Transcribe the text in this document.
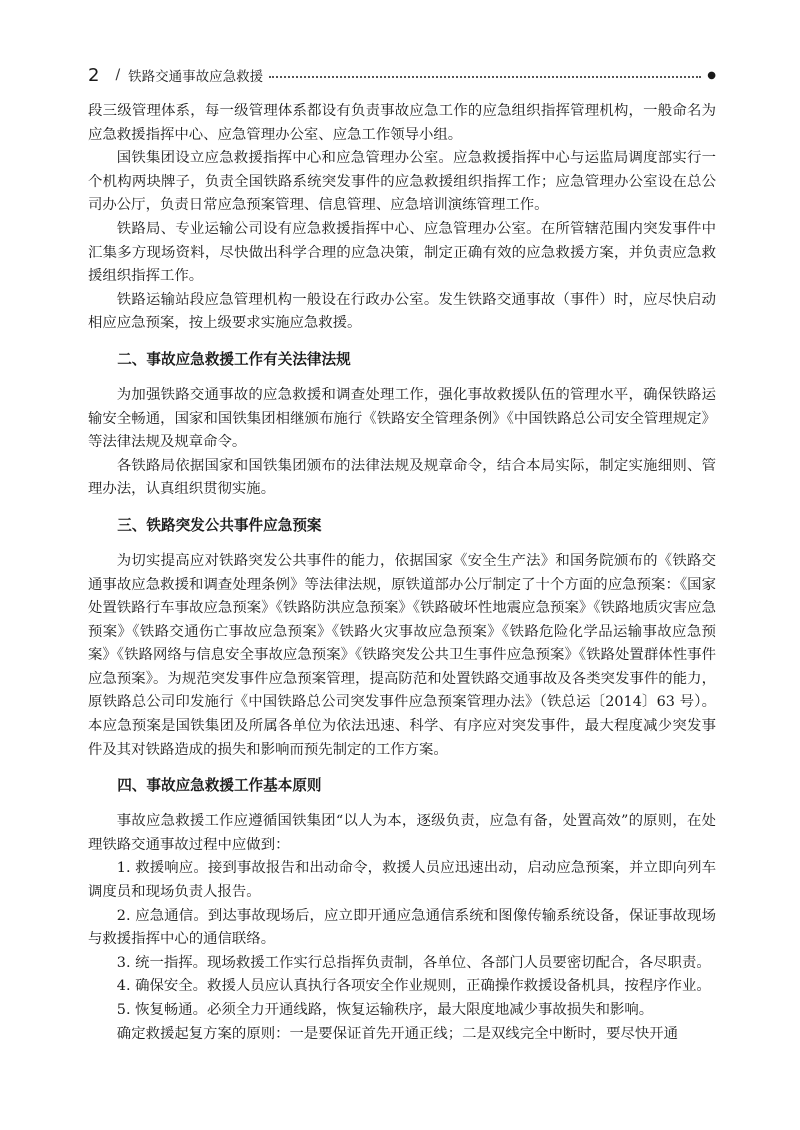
2 / 铁路交通事故应急救援	●

段三级管理体系，每一级管理体系都设有负责事故应急工作的应急组织指挥管理机构，一般命名为应急救援指挥中心、应急管理办公室、应急工作领导小组。

国铁集团设立应急救援指挥中心和应急管理办公室。应急救援指挥中心与运监局调度部实行一个机构两块牌子，负责全国铁路系统突发事件的应急救援组织指挥工作；应急管理办公室设在总公司办公厅，负责日常应急预案管理、信息管理、应急培训演练管理工作。

铁路局、专业运输公司设有应急救援指挥中心、应急管理办公室。在所管辖范围内突发事件中汇集多方现场资料，尽快做出科学合理的应急决策，制定正确有效的应急救援方案，并负责应急救援组织指挥工作。

铁路运输站段应急管理机构一般设在行政办公室。发生铁路交通事故（事件）时，应尽快启动相应应急预案，按上级要求实施应急救援。

二、事故应急救援工作有关法律法规

为加强铁路交通事故的应急救援和调查处理工作，强化事故救援队伍的管理水平，确保铁路运输安全畅通，国家和国铁集团相继颁布施行《铁路安全管理条例》《中国铁路总公司安全管理规定》等法律法规及规章命令。

各铁路局依据国家和国铁集团颁布的法律法规及规章命令，结合本局实际，制定实施细则、管理办法，认真组织贯彻实施。

三、铁路突发公共事件应急预案

为切实提高应对铁路突发公共事件的能力，依据国家《安全生产法》和国务院颁布的《铁路交通事故应急救援和调查处理条例》等法律法规，原铁道部办公厅制定了十个方面的应急预案：《国家处置铁路行车事故应急预案》《铁路防洪应急预案》《铁路破坏性地震应急预案》《铁路地质灾害应急预案》《铁路交通伤亡事故应急预案》《铁路火灾事故应急预案》《铁路危险化学品运输事故应急预案》《铁路网络与信息安全事故应急预案》《铁路突发公共卫生事件应急预案》《铁路处置群体性事件应急预案》。为规范突发事件应急预案管理，提高防范和处置铁路交通事故及各类突发事件的能力，原铁路总公司印发施行《中国铁路总公司突发事件应急预案管理办法》（铁总运〔2014〕63 号）。本应急预案是国铁集团及所属各单位为依法迅速、科学、有序应对突发事件，最大程度减少突发事件及其对铁路造成的损失和影响而预先制定的工作方案。

四、事故应急救援工作基本原则

事故应急救援工作应遵循国铁集团“以人为本，逐级负责，应急有备，处置高效”的原则，在处理铁路交通事故过程中应做到：

1. 救援响应。接到事故报告和出动命令，救援人员应迅速出动，启动应急预案，并立即向列车调度员和现场负责人报告。

2. 应急通信。到达事故现场后，应立即开通应急通信系统和图像传输系统设备，保证事故现场与救援指挥中心的通信联络。

3. 统一指挥。现场救援工作实行总指挥负责制，各单位、各部门人员要密切配合，各尽职责。

4. 确保安全。救援人员应认真执行各项安全作业规则，正确操作救援设备机具，按程序作业。

5. 恢复畅通。必须全力开通线路，恢复运输秩序，最大限度地减少事故损失和影响。

确定救援起复方案的原则：一是要保证首先开通正线；二是双线完全中断时，要尽快开通
